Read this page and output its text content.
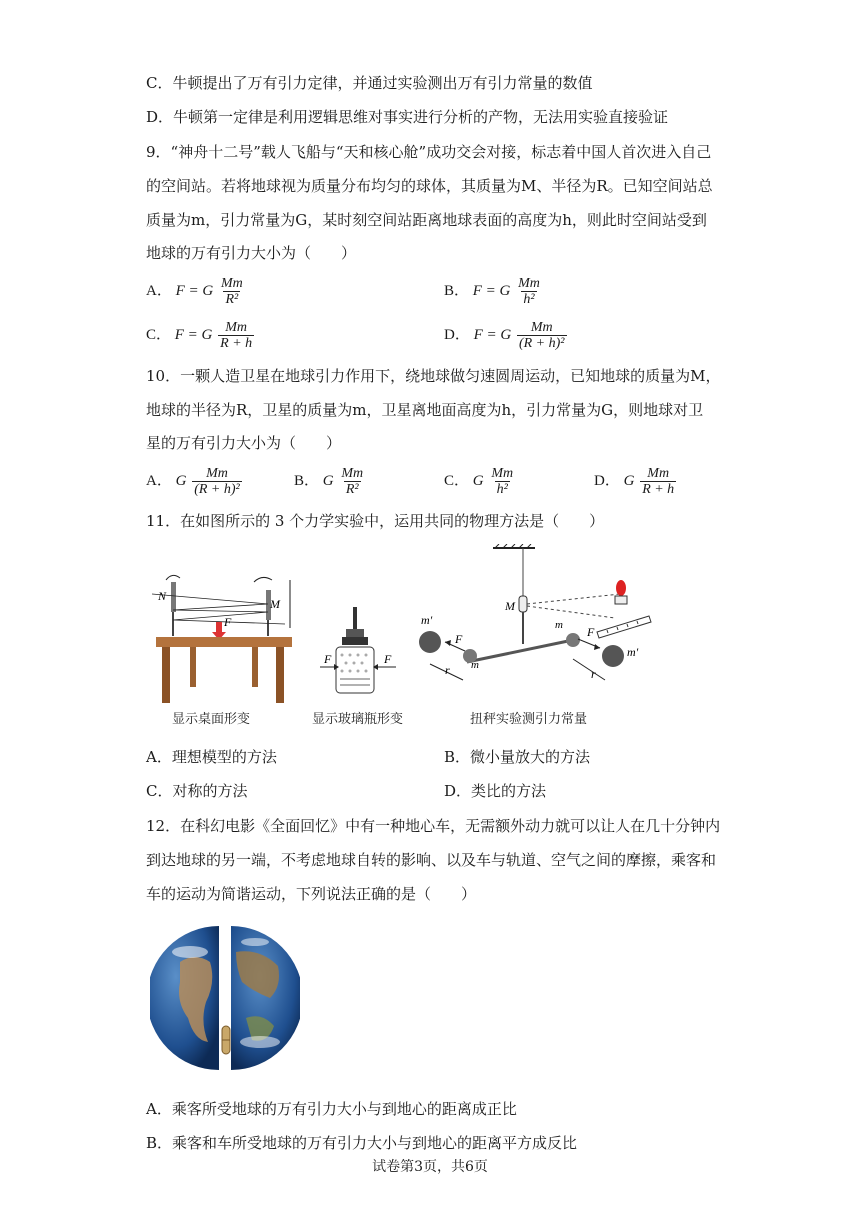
C．牛顿提出了万有引力定律，并通过实验测出万有引力常量的数值
D．牛顿第一定律是利用逻辑思维对事实进行分析的产物，无法用实验直接验证
9．“神舟十二号”载人飞船与“天和核心舱”成功交会对接，标志着中国人首次进入自己
的空间站。若将地球视为质量分布均匀的球体，其质量为M、半径为R。已知空间站总
质量为m，引力常量为G，某时刻空间站距离地球表面的高度为h，则此时空间站受到
地球的万有引力大小为（　　）
A． F = G $\frac{Mm}{\text{R²}}$	B． F = G $\frac{Mm}{\text{h²}}$
C． F = G $\frac{Mm}{R + h}$	D． F = G $\frac{Mm}{\text{(R + h)²}}$
10．一颗人造卫星在地球引力作用下，绕地球做匀速圆周运动，已知地球的质量为M，
地球的半径为R，卫星的质量为m，卫星离地面高度为h，引力常量为G，则地球对卫
星的万有引力大小为（　　）
A． G $\frac{Mm}{\text{(R + h)²}}$	B． G $\frac{Mm}{\text{R²}}$	C． G $\frac{Mm}{\text{h²}}$	D． G $\frac{Mm}{R + h}$
11．在如图所示的 3 个力学实验中，运用共同的物理方法是（　　）
N
M
F
显示桌面形变
F	F
显示玻璃瓶形变
m′
F
m
r
M
m F
m′
r
扭秤实验测引力常量
A．理想模型的方法	B．微小量放大的方法
C．对称的方法	D．类比的方法
12．在科幻电影《全面回忆》中有一种地心车，无需额外动力就可以让人在几十分钟内
到达地球的另一端，不考虑地球自转的影响、以及车与轨道、空气之间的摩擦，乘客和
车的运动为简谐运动，下列说法正确的是（　　）
A．乘客所受地球的万有引力大小与到地心的距离成正比
B．乘客和车所受地球的万有引力大小与到地心的距离平方成反比
试卷第3页，共6页
